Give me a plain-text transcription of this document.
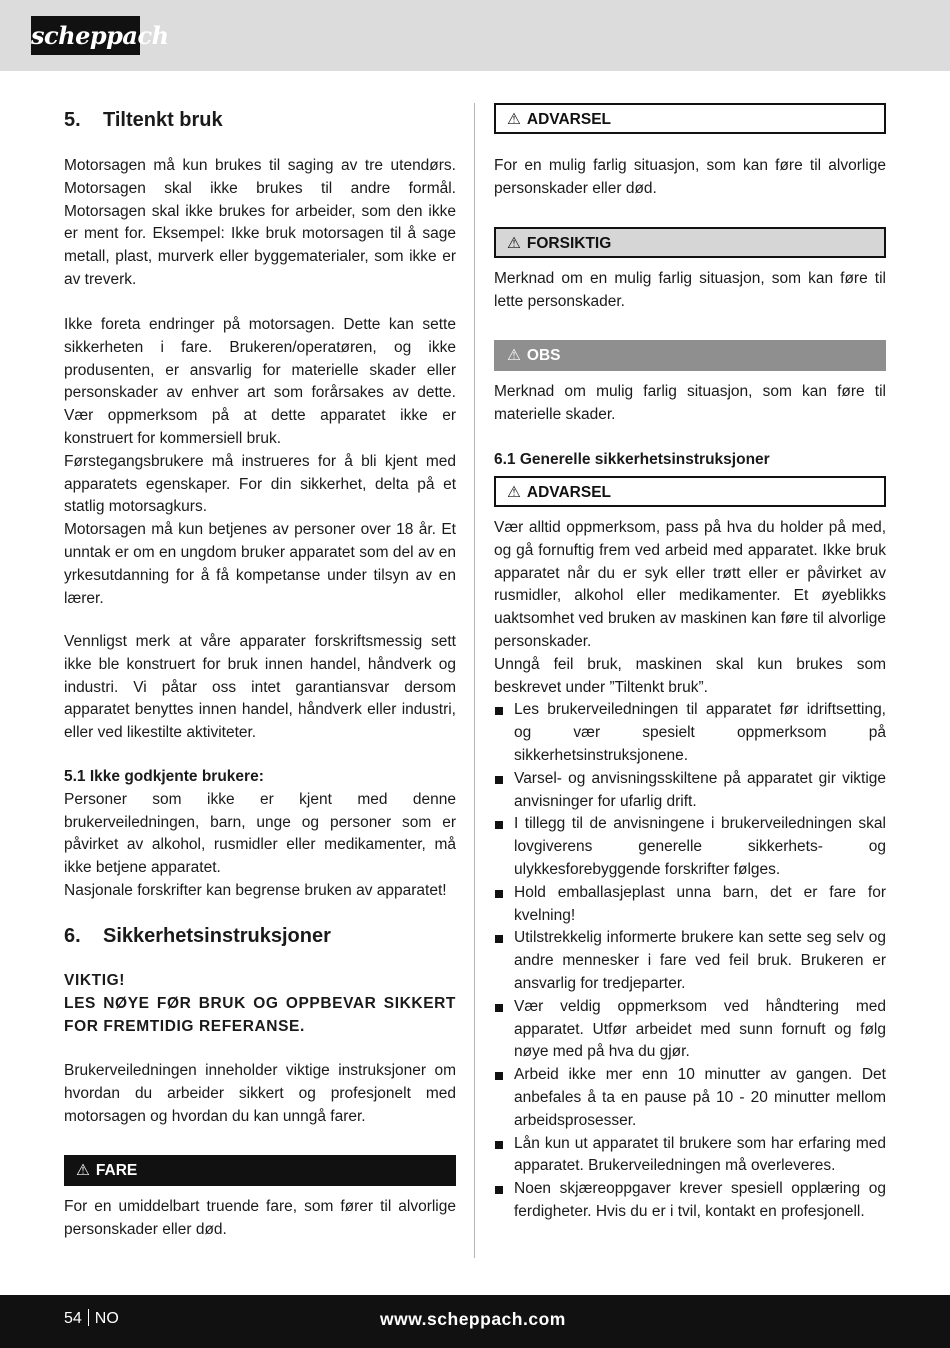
scheppach
5. Tiltenkt bruk

Motorsagen må kun brukes til saging av tre utendørs. Motorsagen skal ikke brukes til andre formål. Motorsagen skal ikke brukes for arbeider, som den ikke er ment for. Eksempel: Ikke bruk motorsagen til å sage metall, plast, murverk eller byggematerialer, som ikke er av treverk.

Ikke foreta endringer på motorsagen. Dette kan sette sikkerheten i fare. Brukeren/operatøren, og ikke produsenten, er ansvarlig for materielle skader eller personskader av enhver art som forårsakes av dette. Vær oppmerksom på at dette apparatet ikke er konstruert for kommersiell bruk.

Førstegangsbrukere må instrueres for å bli kjent med apparatets egenskaper. For din sikkerhet, delta på et statlig motorsagkurs.

Motorsagen må kun betjenes av personer over 18 år. Et unntak er om en ungdom bruker apparatet som del av en yrkesutdanning for å få kompetanse under tilsyn av en lærer.

Vennligst merk at våre apparater forskriftsmessig sett ikke ble konstruert for bruk innen handel, håndverk og industri. Vi påtar oss intet garantiansvar dersom apparatet benyttes innen handel, håndverk eller industri, eller ved likestilte aktiviteter.

5.1 Ikke godkjente brukere:

Personer som ikke er kjent med denne brukerveiledningen, barn, unge og personer som er påvirket av alkohol, rusmidler eller medikamenter, må ikke betjene apparatet.

Nasjonale forskrifter kan begrense bruken av apparatet!

6. Sikkerhetsinstruksjoner

VIKTIG!

LES NØYE FØR BRUK OG OPPBEVAR SIKKERT FOR FREMTIDIG REFERANSE.

Brukerveiledningen inneholder viktige instruksjoner om hvordan du arbeider sikkert og profesjonelt med motorsagen og hvordan du kan unngå farer.

⚠ FARE

For en umiddelbart truende fare, som fører til alvorlige personskader eller død.

⚠ ADVARSEL

For en mulig farlig situasjon, som kan føre til alvorlige personskader eller død.

⚠ FORSIKTIG

Merknad om en mulig farlig situasjon, som kan føre til lette personskader.

⚠ OBS

Merknad om mulig farlig situasjon, som kan føre til materielle skader.

6.1 Generelle sikkerhetsinstruksjoner

⚠ ADVARSEL

Vær alltid oppmerksom, pass på hva du holder på med, og gå fornuftig frem ved arbeid med apparatet. Ikke bruk apparatet når du er syk eller trøtt eller er påvirket av rusmidler, alkohol eller medikamenter. Et øyeblikks uaktsomhet ved bruken av maskinen kan føre til alvorlige personskader.

Unngå feil bruk, maskinen skal kun brukes som beskrevet under ”Tiltenkt bruk”.

Les brukerveiledningen til apparatet før idriftsetting, og vær spesielt oppmerksom på sikkerhetsinstruksjonene.
Varsel- og anvisningsskiltene på apparatet gir viktige anvisninger for ufarlig drift.
I tillegg til de anvisningene i brukerveiledningen skal lovgiverens generelle sikkerhets- og ulykkesforebyggende forskrifter følges.
Hold emballasjeplast unna barn, det er fare for kvelning!
Utilstrekkelig informerte brukere kan sette seg selv og andre mennesker i fare ved feil bruk. Brukeren er ansvarlig for tredjeparter.
Vær veldig oppmerksom ved håndtering med apparatet. Utfør arbeidet med sunn fornuft og følg nøye med på hva du gjør.
Arbeid ikke mer enn 10 minutter av gangen. Det anbefales å ta en pause på 10 - 20 minutter mellom arbeidsprosesser.
Lån kun ut apparatet til brukere som har erfaring med apparatet. Brukerveiledningen må overleveres.
Noen skjæreoppgaver krever spesiell opplæring og ferdigheter. Hvis du er i tvil, kontakt en profesjonell.
54 NO	www.scheppach.com
